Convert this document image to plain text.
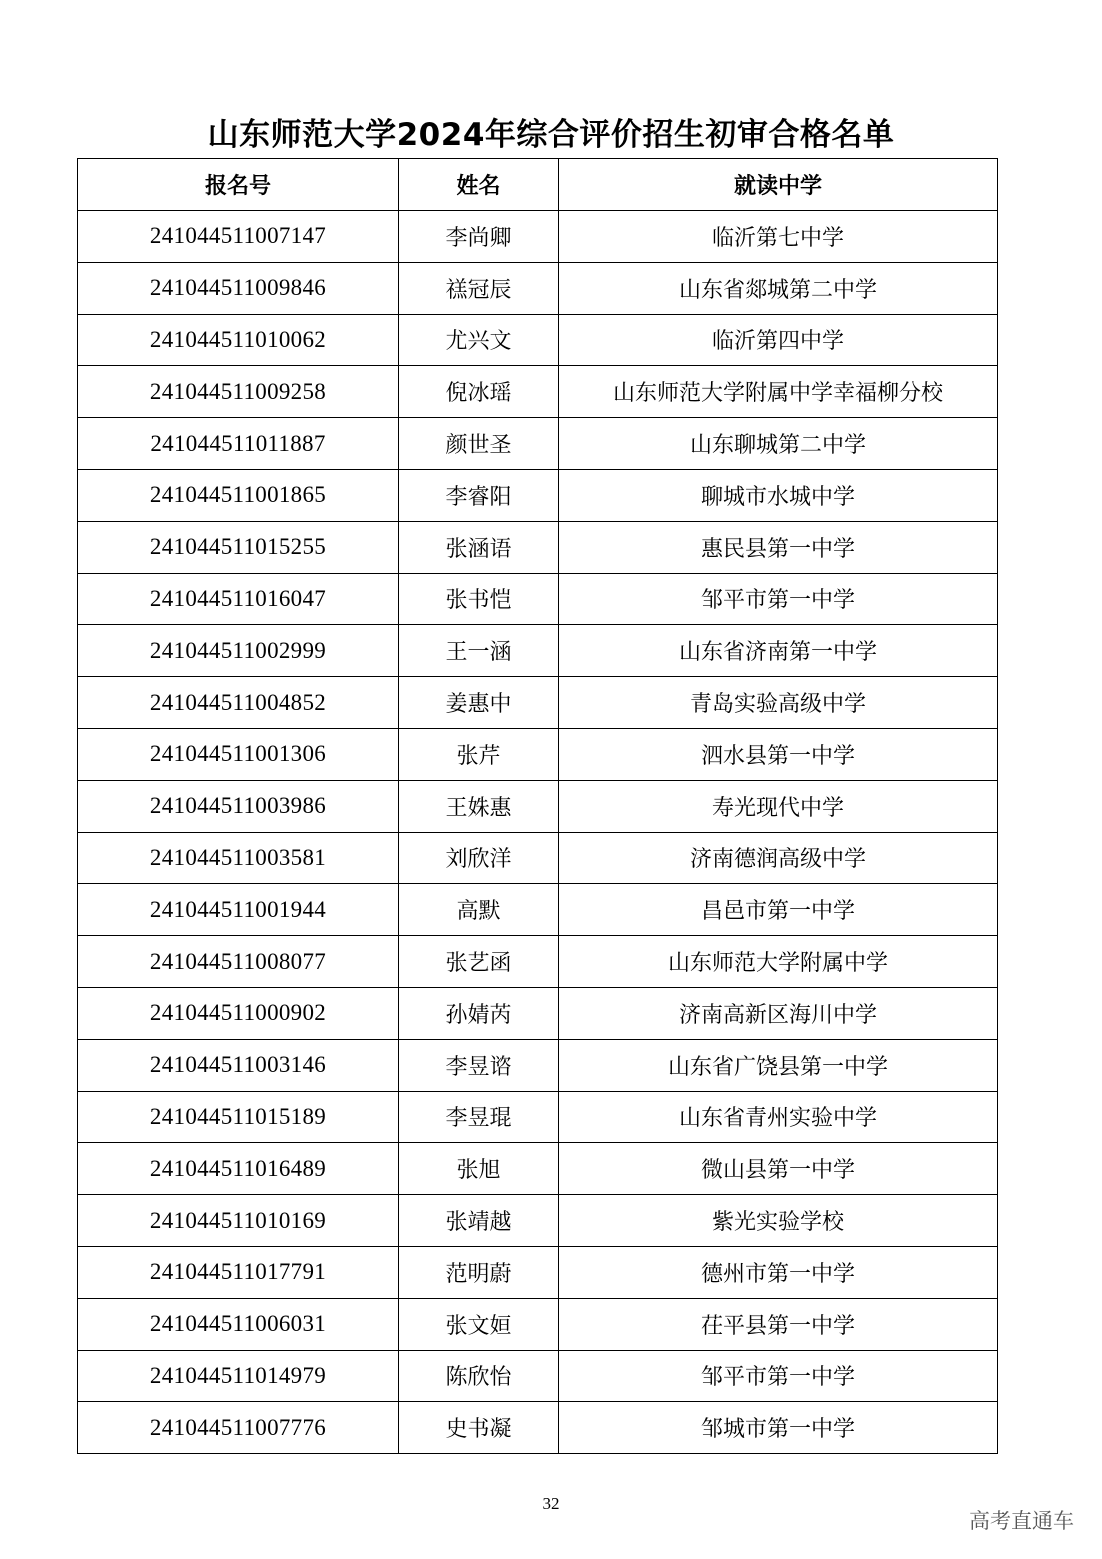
山东师范大学2024年综合评价招生初审合格名单
报名号	姓名	就读中学
241044511007147	李尚卿	临沂第七中学
241044511009846	禚冠辰	山东省郯城第二中学
241044511010062	尤兴文	临沂第四中学
241044511009258	倪冰瑶	山东师范大学附属中学幸福柳分校
241044511011887	颜世圣	山东聊城第二中学
241044511001865	李睿阳	聊城市水城中学
241044511015255	张涵语	惠民县第一中学
241044511016047	张书恺	邹平市第一中学
241044511002999	王一涵	山东省济南第一中学
241044511004852	姜惠中	青岛实验高级中学
241044511001306	张芹	泗水县第一中学
241044511003986	王姝惠	寿光现代中学
241044511003581	刘欣洋	济南德润高级中学
241044511001944	高默	昌邑市第一中学
241044511008077	张艺函	山东师范大学附属中学
241044511000902	孙婧芮	济南高新区海川中学
241044511003146	李昱谘	山东省广饶县第一中学
241044511015189	李昱琨	山东省青州实验中学
241044511016489	张旭	微山县第一中学
241044511010169	张靖越	紫光实验学校
241044511017791	范明蔚	德州市第一中学
241044511006031	张文姮	茌平县第一中学
241044511014979	陈欣怡	邹平市第一中学
241044511007776	史书凝	邹城市第一中学
32
高考直通车
